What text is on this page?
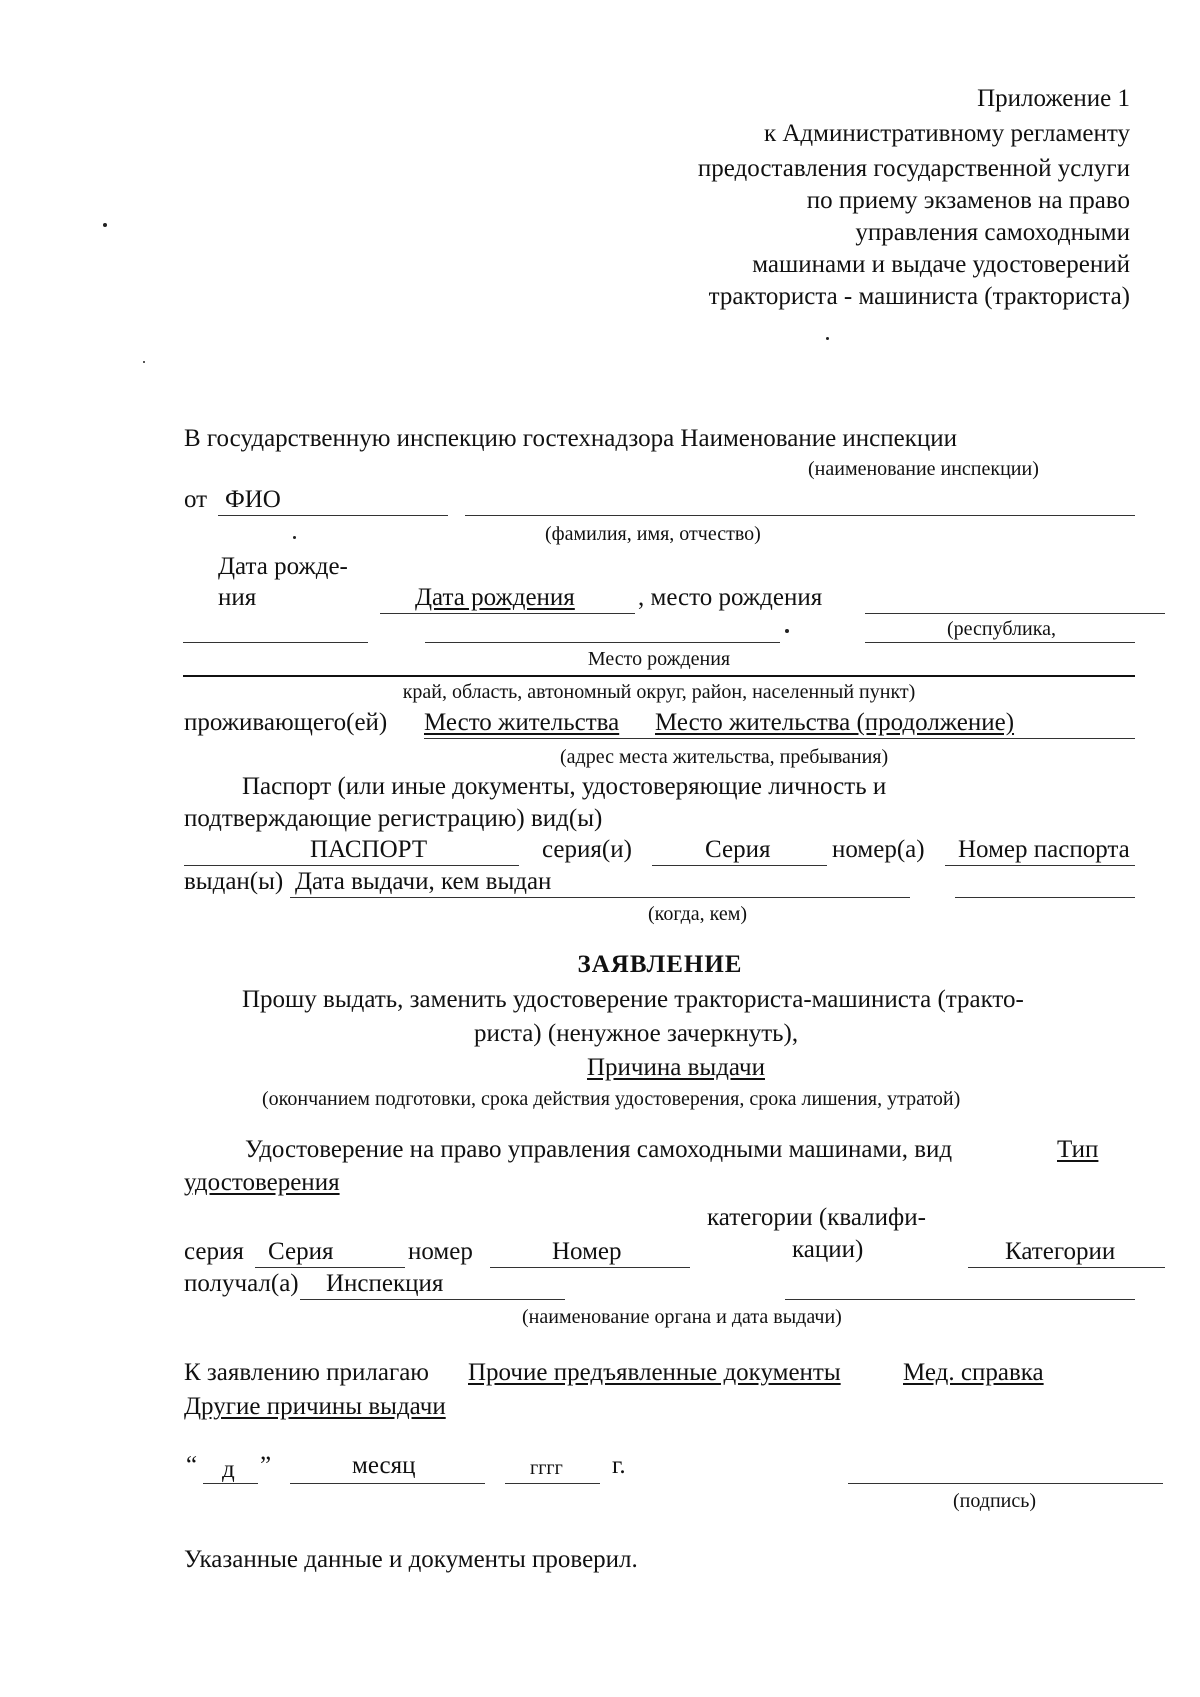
Приложение 1
к Административному регламенту
предоставления государственной услуги
по приему экзаменов на право
управления самоходными
машинами и выдаче удостоверений
тракториста - машиниста (тракториста)
В государственную инспекцию гостехнадзора Наименование инспекции
(наименование инспекции)
от ФИО
(фамилия, имя, отчество)
Дата рожде-
ния	Дата рождения	, место рождения
(республика,
Место рождения
край, область, автономный округ, район, населенный пункт)
проживающего(ей) Место жительства Место жительства (продолжение)
(адрес места жительства, пребывания)
Паспорт (или иные документы, удостоверяющие личность и
подтверждающие регистрацию) вид(ы)
ПАСПОРТ	серия(и)	Серия номер(а) Номер паспорта
выдан(ы) Дата выдачи, кем выдан
(когда, кем)
ЗАЯВЛЕНИЕ
Прошу выдать, заменить удостоверение тракториста-машиниста (тракто-
риста) (ненужное зачеркнуть),
Причина выдачи
(окончанием подготовки, срока действия удостоверения, срока лишения, утратой)
Удостоверение на право управления самоходными машинами, вид	Тип
удостоверения
категории (квалифи-
кации)
серия Серия	номер	Номер	Категории
получал(а) Инспекция
(наименование органа и дата выдачи)
К заявлению прилагаю Прочие предъявленные документы Мед. справка
Другие причины выдачи
“ д ”	месяц	гггг г.
(подпись)
Указанные данные и документы проверил.
